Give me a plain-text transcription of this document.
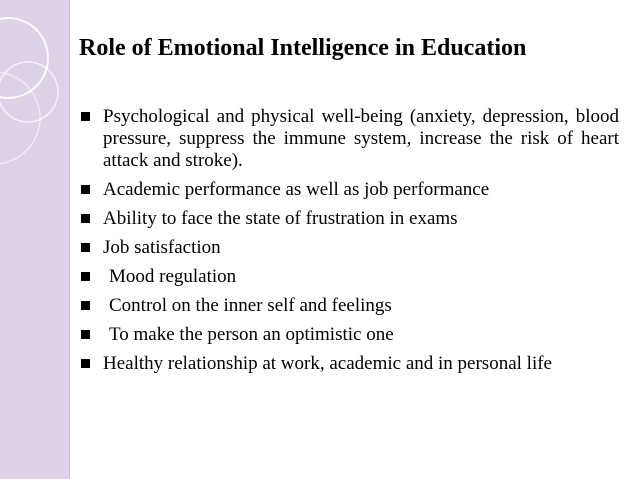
Role of Emotional Intelligence in Education
Psychological and physical well-being (anxiety, depression, blood pressure, suppress the immune system, increase the risk of heart attack and stroke).
Academic performance as well as job performance
Ability to face the state of frustration in exams
Job satisfaction
Mood regulation
Control on the inner self and feelings
To make the person an optimistic one
Healthy relationship at work, academic and in personal life
